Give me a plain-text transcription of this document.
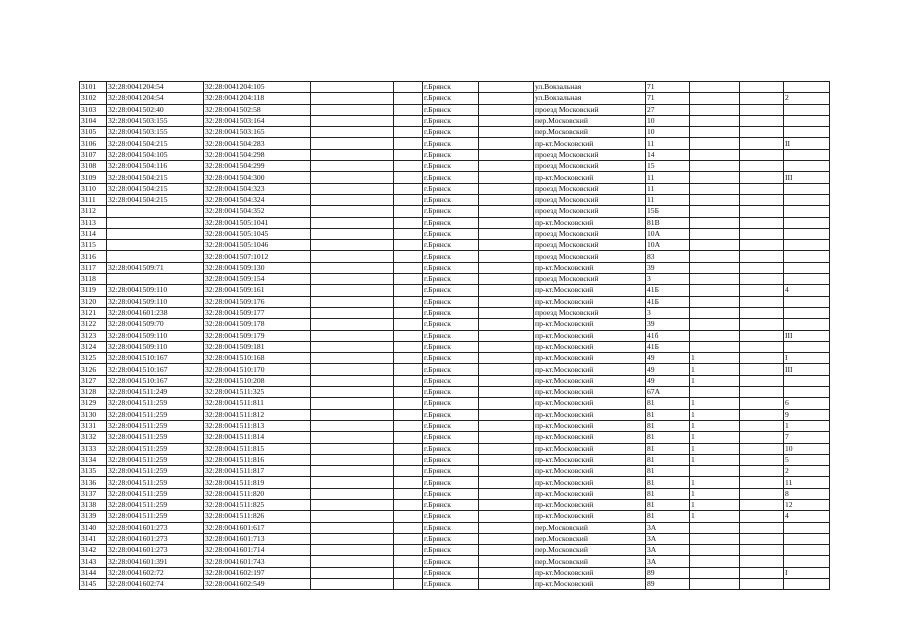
3101	32:28:0041204:54	32:28:0041204:105			г.Брянск		ул.Вокзальная	71			
3102	32:28:0041204:54	32:28:0041204:118			г.Брянск		ул.Вокзальная	71			2
3103	32:28:0041502:40	32:28:0041502:58			г.Брянск		проезд Московский	27			
3104	32:28:0041503:155	32:28:0041503:164			г.Брянск		пер.Московский	10			
3105	32:28:0041503:155	32:28:0041503:165			г.Брянск		пер.Московский	10			
3106	32:28:0041504:215	32:28:0041504:283			г.Брянск		пр-кт.Московский	11			II
3107	32:28:0041504:105	32:28:0041504:298			г.Брянск		проезд Московский	14			
3108	32:28:0041504:116	32:28:0041504:299			г.Брянск		проезд Московский	15			
3109	32:28:0041504:215	32:28:0041504:300			г.Брянск		пр-кт.Московский	11			III
3110	32:28:0041504:215	32:28:0041504:323			г.Брянск		проезд Московский	11			
3111	32:28:0041504:215	32:28:0041504:324			г.Брянск		проезд Московский	11			
3112		32:28:0041504:352			г.Брянск		проезд Московский	15Б			
3113		32:28:0041505:1041			г.Брянск		пр-кт.Московский	81В			
3114		32:28:0041505:1045			г.Брянск		проезд Московский	10А			
3115		32:28:0041505:1046			г.Брянск		проезд Московский	10А			
3116		32:28:0041507:1012			г.Брянск		проезд Московский	83			
3117	32:28:0041509:71	32:28:0041509:130			г.Брянск		пр-кт.Московский	39			
3118		32:28:0041509:154			г.Брянск		проезд Московский	3			
3119	32:28:0041509:110	32:28:0041509:161			г.Брянск		пр-кт.Московский	41Б			4
3120	32:28:0041509:110	32:28:0041509:176			г.Брянск		пр-кт.Московский	41Б			
3121	32:28:0041601:238	32:28:0041509:177			г.Брянск		проезд Московский	3			
3122	32:28:0041509:70	32:28:0041509:178			г.Брянск		пр-кт.Московский	39			
3123	32:28:0041509:110	32:28:0041509:179			г.Брянск		пр-кт.Московский	41б			III
3124	32:28:0041509:110	32:28:0041509:181			г.Брянск		пр-кт.Московский	41Б			
3125	32:28:0041510:167	32:28:0041510:168			г.Брянск		пр-кт.Московский	49	1		I
3126	32:28:0041510:167	32:28:0041510:170			г.Брянск		пр-кт.Московский	49	1		III
3127	32:28:0041510:167	32:28:0041510:208			г.Брянск		пр-кт.Московский	49	1		
3128	32:28:0041511:249	32:28:0041511:325			г.Брянск		пр-кт.Московский	67А			
3129	32:28:0041511:259	32:28:0041511:811			г.Брянск		пр-кт.Московский	81	1		6
3130	32:28:0041511:259	32:28:0041511:812			г.Брянск		пр-кт.Московский	81	1		9
3131	32:28:0041511:259	32:28:0041511:813			г.Брянск		пр-кт.Московский	81	1		1
3132	32:28:0041511:259	32:28:0041511:814			г.Брянск		пр-кт.Московский	81	1		7
3133	32:28:0041511:259	32:28:0041511:815			г.Брянск		пр-кт.Московский	81	1		10
3134	32:28:0041511:259	32:28:0041511:816			г.Брянск		пр-кт.Московский	81	1		5
3135	32:28:0041511:259	32:28:0041511:817			г.Брянск		пр-кт.Московский	81			2
3136	32:28:0041511:259	32:28:0041511:819			г.Брянск		пр-кт.Московский	81	1		11
3137	32:28:0041511:259	32:28:0041511:820			г.Брянск		пр-кт.Московский	81	1		8
3138	32:28:0041511:259	32:28:0041511:825			г.Брянск		пр-кт.Московский	81	1		12
3139	32:28:0041511:259	32:28:0041511:826			г.Брянск		пр-кт.Московский	81	1		4
3140	32:28:0041601:273	32:28:0041601:617			г.Брянск		пер.Московский	3А			
3141	32:28:0041601:273	32:28:0041601:713			г.Брянск		пер.Московский	3А			
3142	32:28:0041601:273	32:28:0041601:714			г.Брянск		пер.Московский	3А			
3143	32:28:0041601:391	32:28:0041601:743			г.Брянск		пер.Московский	3А			
3144	32:28:0041602:72	32:28:0041602:197			г.Брянск		пр-кт.Московский	89			I
3145	32:28:0041602:74	32:28:0041602:549			г.Брянск		пр-кт.Московский	89			
